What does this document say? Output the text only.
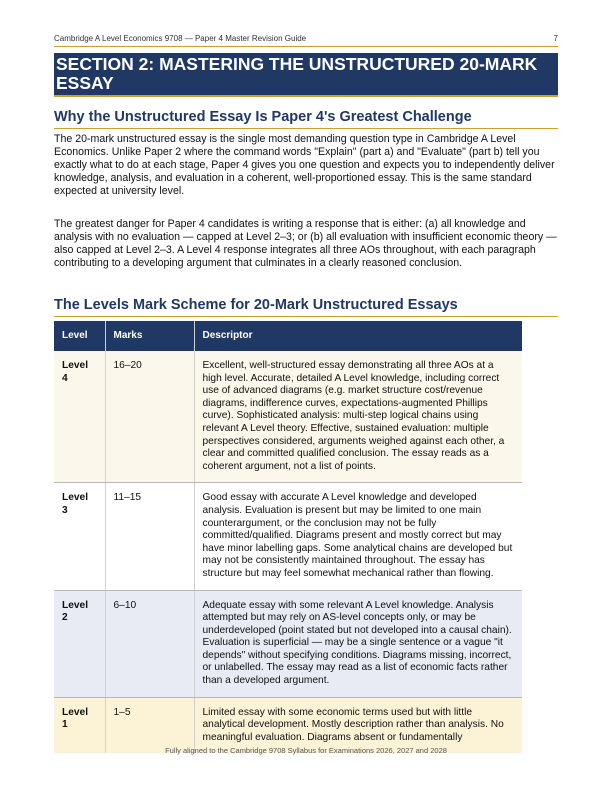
Cambridge A Level Economics 9708 — Paper 4 Master Revision Guide	7
SECTION 2: MASTERING THE UNSTRUCTURED 20-MARK ESSAY
Why the Unstructured Essay Is Paper 4's Greatest Challenge

The 20-mark unstructured essay is the single most demanding question type in Cambridge A Level Economics. Unlike Paper 2 where the command words "Explain" (part a) and "Evaluate" (part b) tell you exactly what to do at each stage, Paper 4 gives you one question and expects you to independently deliver knowledge, analysis, and evaluation in a coherent, well-proportioned essay. This is the same standard expected at university level.

The greatest danger for Paper 4 candidates is writing a response that is either: (a) all knowledge and analysis with no evaluation — capped at Level 2–3; or (b) all evaluation with insufficient economic theory — also capped at Level 2–3. A Level 4 response integrates all three AOs throughout, with each paragraph contributing to a developing argument that culminates in a clearly reasoned conclusion.

The Levels Mark Scheme for 20-Mark Unstructured Essays
Level	Marks	Descriptor
Level 4	16–20	Excellent, well-structured essay demonstrating all three AOs at a high level. Accurate, detailed A Level knowledge, including correct use of advanced diagrams (e.g. market structure cost/revenue diagrams, indifference curves, expectations-augmented Phillips curve). Sophisticated analysis: multi-step logical chains using relevant A Level theory. Effective, sustained evaluation: multiple perspectives considered, arguments weighed against each other, a clear and committed qualified conclusion. The essay reads as a coherent argument, not a list of points.
Level 3	11–15	Good essay with accurate A Level knowledge and developed analysis. Evaluation is present but may be limited to one main counterargument, or the conclusion may not be fully committed/qualified. Diagrams present and mostly correct but may have minor labelling gaps. Some analytical chains are developed but may not be consistently maintained throughout. The essay has structure but may feel somewhat mechanical rather than flowing.
Level 2	6–10	Adequate essay with some relevant A Level knowledge. Analysis attempted but may rely on AS-level concepts only, or may be underdeveloped (point stated but not developed into a causal chain). Evaluation is superficial — may be a single sentence or a vague "it depends" without specifying conditions. Diagrams missing, incorrect, or unlabelled. The essay may read as a list of economic facts rather than a developed argument.
Level 1	1–5	Limited essay with some economic terms used but with little analytical development. Mostly description rather than analysis. No meaningful evaluation. Diagrams absent or fundamentally
Fully aligned to the Cambridge 9708 Syllabus for Examinations 2026, 2027 and 2028
